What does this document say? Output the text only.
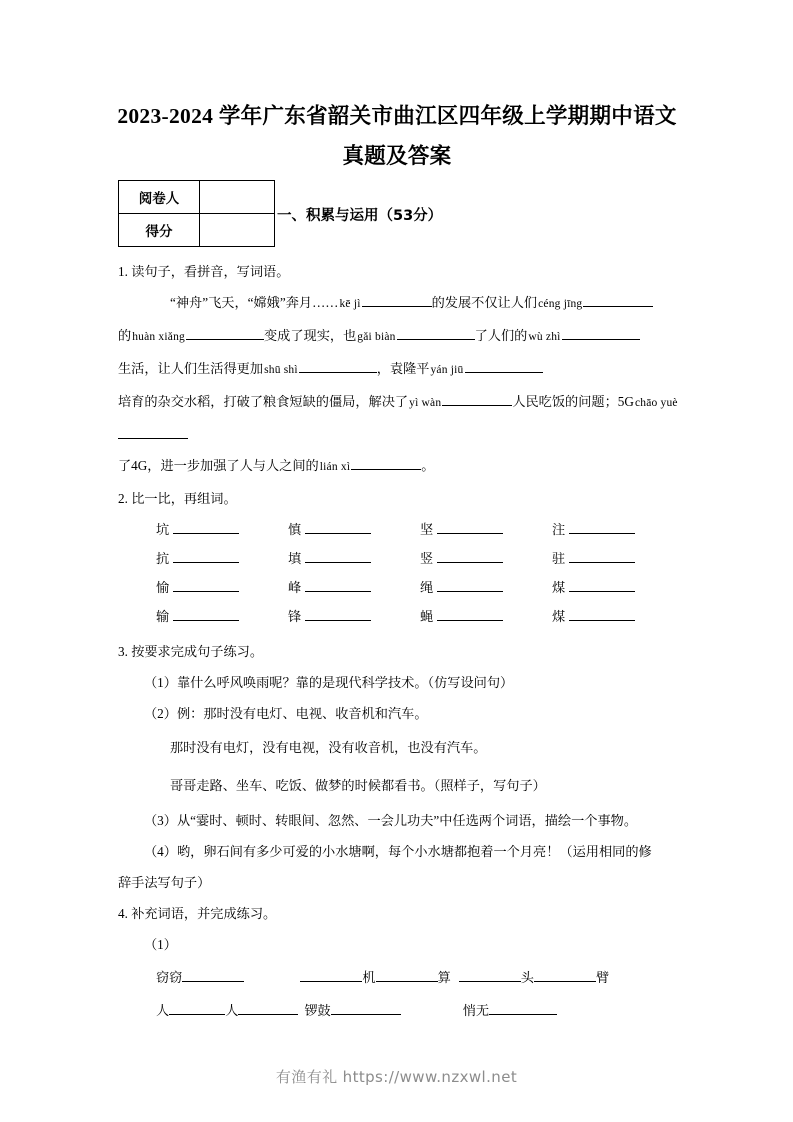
2023-2024 学年广东省韶关市曲江区四年级上学期期中语文
真题及答案
阅卷人	
得分	
一、积累与运用（53分）
1. 读句子，看拼音，写词语。
“神舟”飞天，“嫦娥”奔月……kē jì	的发展不仅让人们céng jīng
的huàn xiǎng	变成了现实，也gǎi biàn	了人们的wù zhì
生活，让人们生活得更加shū shì	，袁隆平yán jiū
培育的杂交水稻，打破了粮食短缺的僵局，解决了yì wàn	人民吃饭的问题；5Gchāo yuè
了4G，进一步加强了人与人之间的lián xì	。
2. 比一比，再组词。
坑	慎	坚	注
抗	填	竖	驻
愉	峰	绳	煤
输	锋	蝇	煤
3. 按要求完成句子练习。
（1）靠什么呼风唤雨呢？靠的是现代科学技术。（仿写设问句）
（2）例：那时没有电灯、电视、收音机和汽车。
那时没有电灯，没有电视，没有收音机，也没有汽车。
哥哥走路、坐车、吃饭、做梦的时候都看书。（照样子，写句子）
（3）从“霎时、顿时、转眼间、忽然、一会儿功夫”中任选两个词语，描绘一个事物。
（4）哟，卵石间有多少可爱的小水塘啊，每个小水塘都抱着一个月亮！（运用相同的修
辞手法写句子）
4. 补充词语，并完成练习。
（1）
窃窃	机	算	头	臂
人	人	锣鼓	悄无
有渔有礼 https://www.nzxwl.net
